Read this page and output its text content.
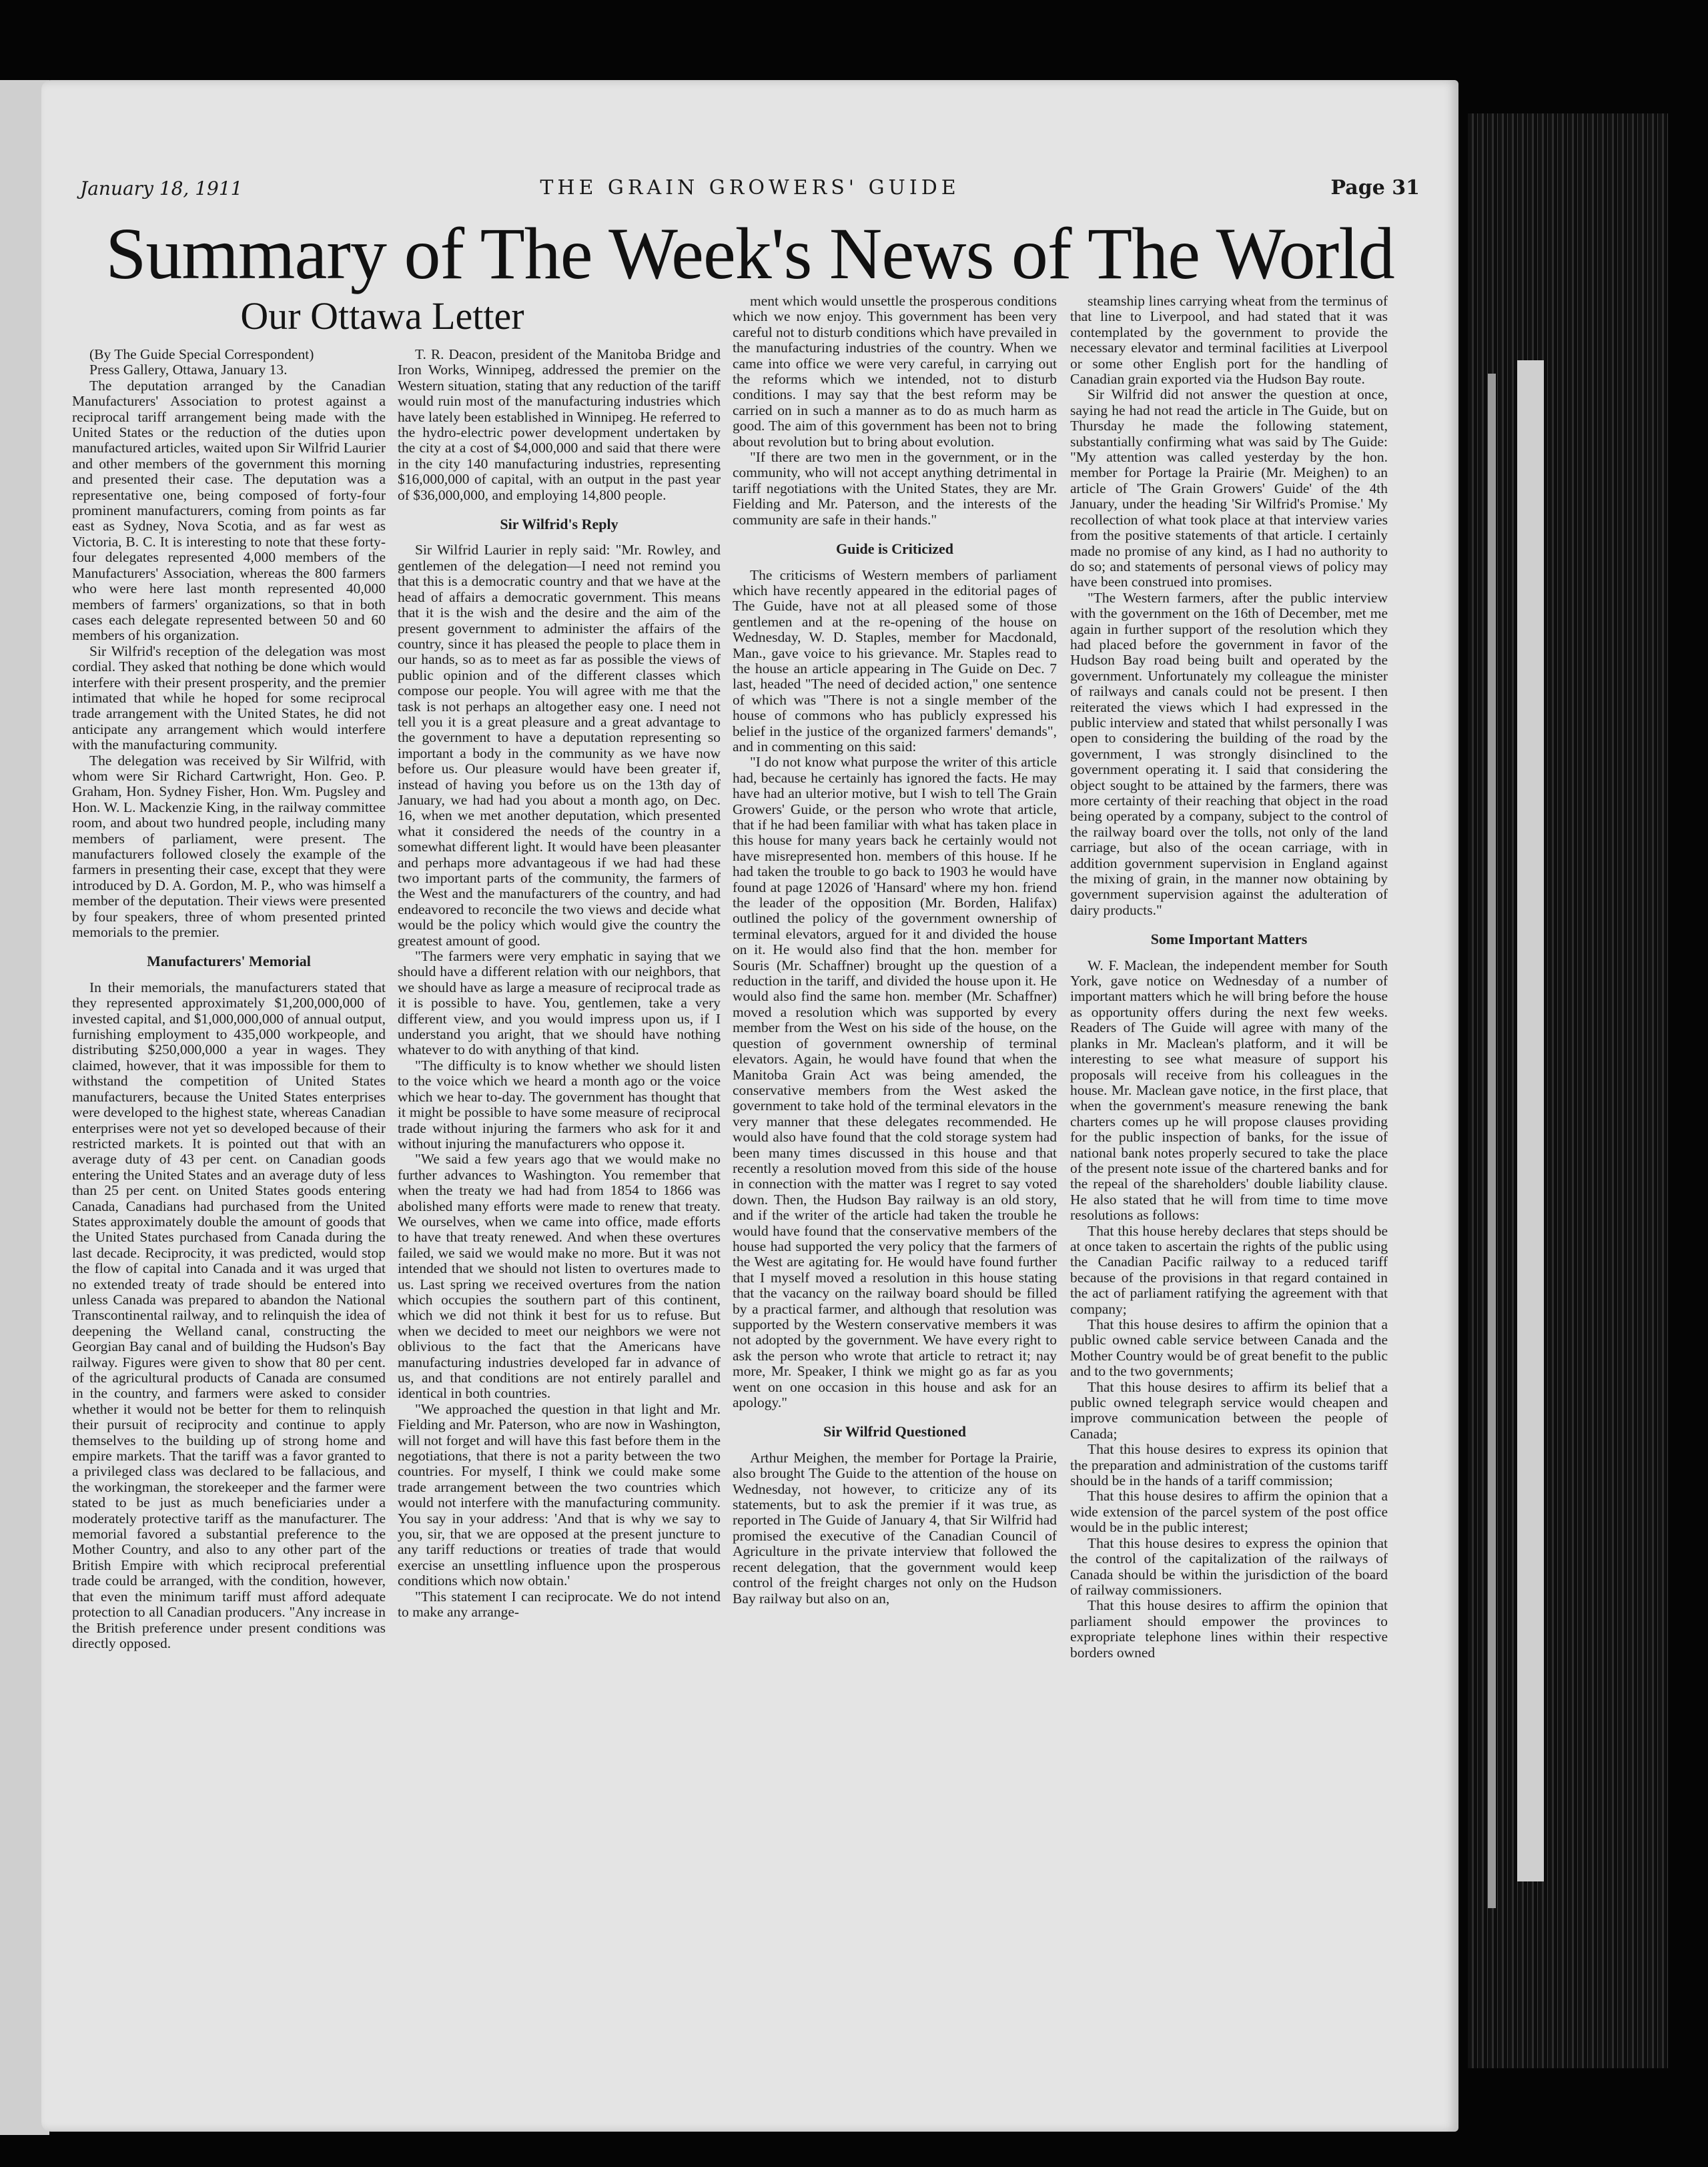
January 18, 1911	THE GRAIN GROWERS' GUIDE	Page 31
Summary of The Week's News of The World
Our Ottawa Letter

(By The Guide Special Correspondent)

Press Gallery, Ottawa, January 13.

The deputation arranged by the Canadian Manufacturers' Association to protest against a reciprocal tariff arrangement being made with the United States or the reduction of the duties upon manufactured articles, waited upon Sir Wilfrid Laurier and other members of the government this morning and presented their case. The deputation was a representative one, being composed of forty-four prominent manufacturers, coming from points as far east as Sydney, Nova Scotia, and as far west as Victoria, B. C. It is interesting to note that these forty-four delegates represented 4,000 members of the Manufacturers' Association, whereas the 800 farmers who were here last month represented 40,000 members of farmers' organizations, so that in both cases each delegate represented between 50 and 60 members of his organization.

Sir Wilfrid's reception of the delegation was most cordial. They asked that nothing be done which would interfere with their present prosperity, and the premier intimated that while he hoped for some reciprocal trade arrangement with the United States, he did not anticipate any arrangement which would interfere with the manufacturing community.

The delegation was received by Sir Wilfrid, with whom were Sir Richard Cartwright, Hon. Geo. P. Graham, Hon. Sydney Fisher, Hon. Wm. Pugsley and Hon. W. L. Mackenzie King, in the railway committee room, and about two hundred people, including many members of parliament, were present. The manufacturers followed closely the example of the farmers in presenting their case, except that they were introduced by D. A. Gordon, M. P., who was himself a member of the deputation. Their views were presented by four speakers, three of whom presented printed memorials to the premier.

Manufacturers' Memorial

In their memorials, the manufacturers stated that they represented approximately $1,200,000,000 of invested capital, and $1,000,000,000 of annual output, furnishing employment to 435,000 workpeople, and distributing $250,000,000 a year in wages. They claimed, however, that it was impossible for them to withstand the competition of United States manufacturers, because the United States enterprises were developed to the highest state, whereas Canadian enterprises were not yet so developed because of their restricted markets. It is pointed out that with an average duty of 43 per cent. on Canadian goods entering the United States and an average duty of less than 25 per cent. on United States goods entering Canada, Canadians had purchased from the United States approximately double the amount of goods that the United States purchased from Canada during the last decade. Reciprocity, it was predicted, would stop the flow of capital into Canada and it was urged that no extended treaty of trade should be entered into unless Canada was prepared to abandon the National Transcontinental railway, and to relinquish the idea of deepening the Welland canal, constructing the Georgian Bay canal and of building the Hudson's Bay railway. Figures were given to show that 80 per cent. of the agricultural products of Canada are consumed in the country, and farmers were asked to consider whether it would not be better for them to relinquish their pursuit of reciprocity and continue to apply themselves to the building up of strong home and empire markets. That the tariff was a favor granted to a privileged class was declared to be fallacious, and the workingman, the storekeeper and the farmer were stated to be just as much beneficiaries under a moderately protective tariff as the manufacturer. The memorial favored a substantial preference to the Mother Country, and also to any other part of the British Empire with which reciprocal preferential trade could be arranged, with the condition, however, that even the minimum tariff must afford adequate protection to all Canadian producers. "Any increase in the British preference under present conditions was directly opposed.

T. R. Deacon, president of the Manitoba Bridge and Iron Works, Winnipeg, addressed the premier on the Western situation, stating that any reduction of the tariff would ruin most of the manufacturing industries which have lately been established in Winnipeg. He referred to the hydro-electric power development undertaken by the city at a cost of $4,000,000 and said that there were in the city 140 manufacturing industries, representing $16,000,000 of capital, with an output in the past year of $36,000,000, and employing 14,800 people.

Sir Wilfrid's Reply

Sir Wilfrid Laurier in reply said: "Mr. Rowley, and gentlemen of the delegation—I need not remind you that this is a democratic country and that we have at the head of affairs a democratic government. This means that it is the wish and the desire and the aim of the present government to administer the affairs of the country, since it has pleased the people to place them in our hands, so as to meet as far as possible the views of public opinion and of the different classes which compose our people. You will agree with me that the task is not perhaps an altogether easy one. I need not tell you it is a great pleasure and a great advantage to the government to have a deputation representing so important a body in the community as we have now before us. Our pleasure would have been greater if, instead of having you before us on the 13th day of January, we had had you about a month ago, on Dec. 16, when we met another deputation, which presented what it considered the needs of the country in a somewhat different light. It would have been pleasanter and perhaps more advantageous if we had had these two important parts of the community, the farmers of the West and the manufacturers of the country, and had endeavored to reconcile the two views and decide what would be the policy which would give the country the greatest amount of good.

"The farmers were very emphatic in saying that we should have a different relation with our neighbors, that we should have as large a measure of reciprocal trade as it is possible to have. You, gentlemen, take a very different view, and you would impress upon us, if I understand you aright, that we should have nothing whatever to do with anything of that kind.

"The difficulty is to know whether we should listen to the voice which we heard a month ago or the voice which we hear to-day. The government has thought that it might be possible to have some measure of reciprocal trade without injuring the farmers who ask for it and without injuring the manufacturers who oppose it.

"We said a few years ago that we would make no further advances to Washington. You remember that when the treaty we had had from 1854 to 1866 was abolished many efforts were made to renew that treaty. We ourselves, when we came into office, made efforts to have that treaty renewed. And when these overtures failed, we said we would make no more. But it was not intended that we should not listen to overtures made to us. Last spring we received overtures from the nation which occupies the southern part of this continent, which we did not think it best for us to refuse. But when we decided to meet our neighbors we were not oblivious to the fact that the Americans have manufacturing industries developed far in advance of us, and that conditions are not entirely parallel and identical in both countries.

"We approached the question in that light and Mr. Fielding and Mr. Paterson, who are now in Washington, will not forget and will have this fast before them in the negotiations, that there is not a parity between the two countries. For myself, I think we could make some trade arrangement between the two countries which would not interfere with the manufacturing community. You say in your address: 'And that is why we say to you, sir, that we are opposed at the present juncture to any tariff reductions or treaties of trade that would exercise an unsettling influence upon the prosperous conditions which now obtain.'

"This statement I can reciprocate. We do not intend to make any arrange-

ment which would unsettle the prosperous conditions which we now enjoy. This government has been very careful not to disturb conditions which have prevailed in the manufacturing industries of the country. When we came into office we were very careful, in carrying out the reforms which we intended, not to disturb conditions. I may say that the best reform may be carried on in such a manner as to do as much harm as good. The aim of this government has been not to bring about revolution but to bring about evolution.

"If there are two men in the government, or in the community, who will not accept anything detrimental in tariff negotiations with the United States, they are Mr. Fielding and Mr. Paterson, and the interests of the community are safe in their hands."

Guide is Criticized

The criticisms of Western members of parliament which have recently appeared in the editorial pages of The Guide, have not at all pleased some of those gentlemen and at the re-opening of the house on Wednesday, W. D. Staples, member for Macdonald, Man., gave voice to his grievance. Mr. Staples read to the house an article appearing in The Guide on Dec. 7 last, headed "The need of decided action," one sentence of which was "There is not a single member of the house of commons who has publicly expressed his belief in the justice of the organized farmers' demands", and in commenting on this said:

"I do not know what purpose the writer of this article had, because he certainly has ignored the facts. He may have had an ulterior motive, but I wish to tell The Grain Growers' Guide, or the person who wrote that article, that if he had been familiar with what has taken place in this house for many years back he certainly would not have misrepresented hon. members of this house. If he had taken the trouble to go back to 1903 he would have found at page 12026 of 'Hansard' where my hon. friend the leader of the opposition (Mr. Borden, Halifax) outlined the policy of the government ownership of terminal elevators, argued for it and divided the house on it. He would also find that the hon. member for Souris (Mr. Schaffner) brought up the question of a reduction in the tariff, and divided the house upon it. He would also find the same hon. member (Mr. Schaffner) moved a resolution which was supported by every member from the West on his side of the house, on the question of government ownership of terminal elevators. Again, he would have found that when the Manitoba Grain Act was being amended, the conservative members from the West asked the government to take hold of the terminal elevators in the very manner that these delegates recommended. He would also have found that the cold storage system had been many times discussed in this house and that recently a resolution moved from this side of the house in connection with the matter was I regret to say voted down. Then, the Hudson Bay railway is an old story, and if the writer of the article had taken the trouble he would have found that the conservative members of the house had supported the very policy that the farmers of the West are agitating for. He would have found further that I myself moved a resolution in this house stating that the vacancy on the railway board should be filled by a practical farmer, and although that resolution was supported by the Western conservative members it was not adopted by the government. We have every right to ask the person who wrote that article to retract it; nay more, Mr. Speaker, I think we might go as far as you went on one occasion in this house and ask for an apology."

Sir Wilfrid Questioned

Arthur Meighen, the member for Portage la Prairie, also brought The Guide to the attention of the house on Wednesday, not however, to criticize any of its statements, but to ask the premier if it was true, as reported in The Guide of January 4, that Sir Wilfrid had promised the executive of the Canadian Council of Agriculture in the private interview that followed the recent delegation, that the government would keep control of the freight charges not only on the Hudson Bay railway but also on an,

steamship lines carrying wheat from the terminus of that line to Liverpool, and had stated that it was contemplated by the government to provide the necessary elevator and terminal facilities at Liverpool or some other English port for the handling of Canadian grain exported via the Hudson Bay route.

Sir Wilfrid did not answer the question at once, saying he had not read the article in The Guide, but on Thursday he made the following statement, substantially confirming what was said by The Guide: "My attention was called yesterday by the hon. member for Portage la Prairie (Mr. Meighen) to an article of 'The Grain Growers' Guide' of the 4th January, under the heading 'Sir Wilfrid's Promise.' My recollection of what took place at that interview varies from the positive statements of that article. I certainly made no promise of any kind, as I had no authority to do so; and statements of personal views of policy may have been construed into promises.

"The Western farmers, after the public interview with the government on the 16th of December, met me again in further support of the resolution which they had placed before the government in favor of the Hudson Bay road being built and operated by the government. Unfortunately my colleague the minister of railways and canals could not be present. I then reiterated the views which I had expressed in the public interview and stated that whilst personally I was open to considering the building of the road by the government, I was strongly disinclined to the government operating it. I said that considering the object sought to be attained by the farmers, there was more certainty of their reaching that object in the road being operated by a company, subject to the control of the railway board over the tolls, not only of the land carriage, but also of the ocean carriage, with in addition government supervision in England against the mixing of grain, in the manner now obtaining by government supervision against the adulteration of dairy products."

Some Important Matters

W. F. Maclean, the independent member for South York, gave notice on Wednesday of a number of important matters which he will bring before the house as opportunity offers during the next few weeks. Readers of The Guide will agree with many of the planks in Mr. Maclean's platform, and it will be interesting to see what measure of support his proposals will receive from his colleagues in the house. Mr. Maclean gave notice, in the first place, that when the government's measure renewing the bank charters comes up he will propose clauses providing for the public inspection of banks, for the issue of national bank notes properly secured to take the place of the present note issue of the chartered banks and for the repeal of the shareholders' double liability clause. He also stated that he will from time to time move resolutions as follows:

That this house hereby declares that steps should be at once taken to ascertain the rights of the public using the Canadian Pacific railway to a reduced tariff because of the provisions in that regard contained in the act of parliament ratifying the agreement with that company;

That this house desires to affirm the opinion that a public owned cable service between Canada and the Mother Country would be of great benefit to the public and to the two governments;

That this house desires to affirm its belief that a public owned telegraph service would cheapen and improve communication between the people of Canada;

That this house desires to express its opinion that the preparation and administration of the customs tariff should be in the hands of a tariff commission;

That this house desires to affirm the opinion that a wide extension of the parcel system of the post office would be in the public interest;

That this house desires to express the opinion that the control of the capitalization of the railways of Canada should be within the jurisdiction of the board of railway commissioners.

That this house desires to affirm the opinion that parliament should empower the provinces to expropriate telephone lines within their respective borders owned
